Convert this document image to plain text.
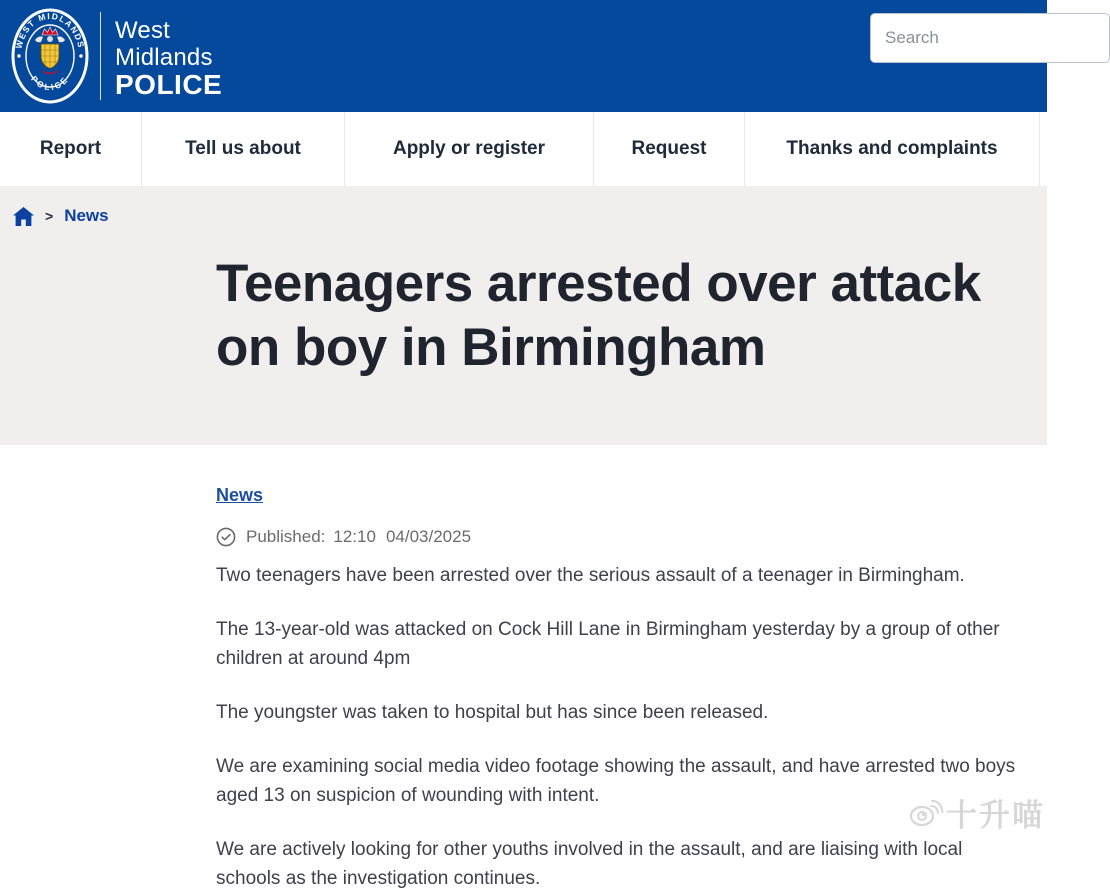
WEST MIDLANDS
POLICE
West
Midlands
POLICE
Search
Report	Tell us about	Apply or register	Request	Thanks and complaints
> News
Teenagers arrested over attack on boy in Birmingham
News
Published: 12:10 04/03/2025

Two teenagers have been arrested over the serious assault of a teenager in Birmingham.

The 13-year-old was attacked on Cock Hill Lane in Birmingham yesterday by a group of other children at around 4pm

The youngster was taken to hospital but has since been released.

We are examining social media video footage showing the assault, and have arrested two boys aged 13 on suspicion of wounding with intent.

We are actively looking for other youths involved in the assault, and are liaising with local schools as the investigation continues.

十升喵
